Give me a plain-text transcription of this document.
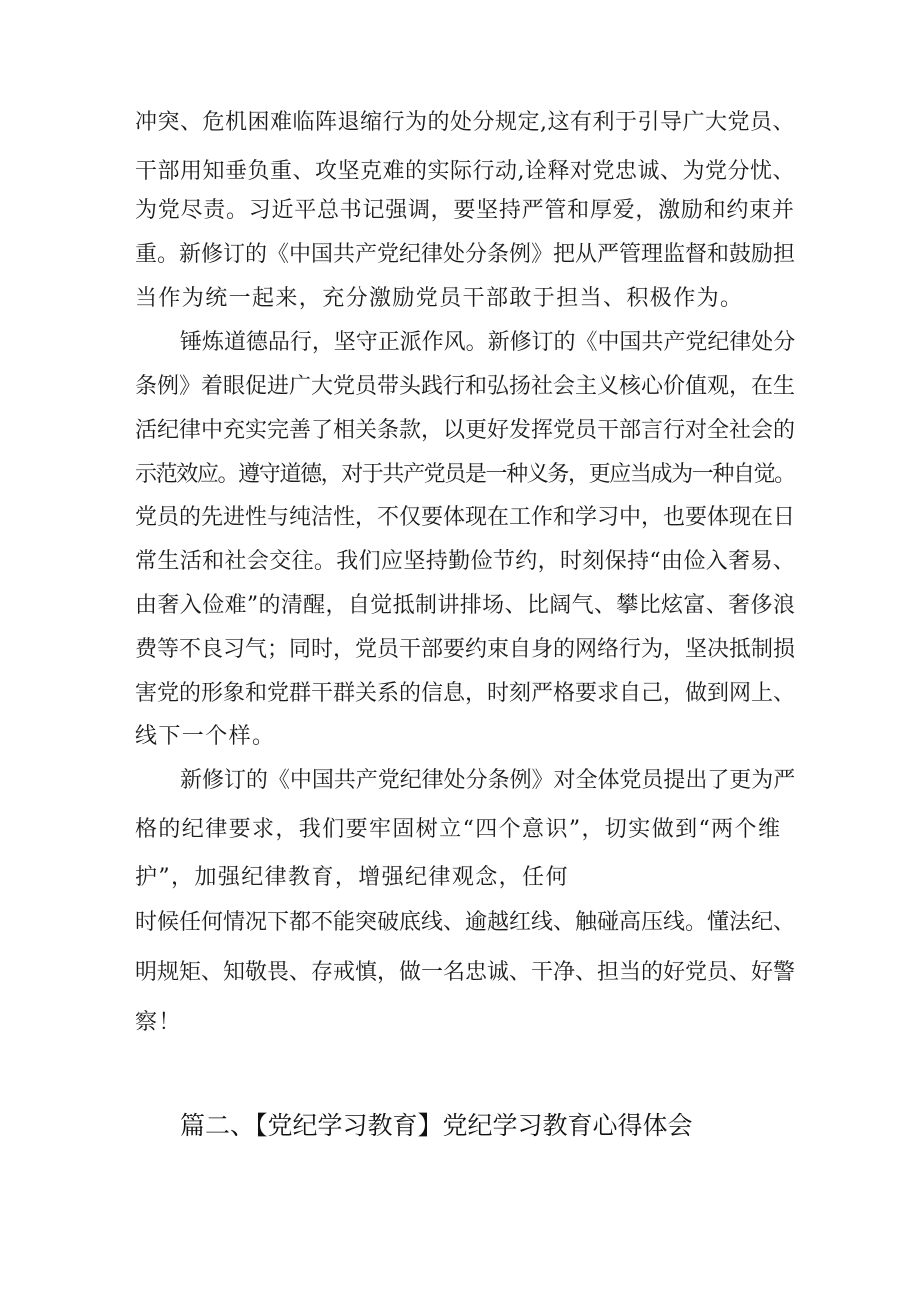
冲突、危机困难临阵退缩行为的处分规定,这有利于引导广大党员、
干部用知垂负重、攻坚克难的实际行动,诠释对党忠诚、为党分忧、
为党尽责。习近平总书记强调，要坚持严管和厚爱，激励和约束并
重。新修订的《中国共产党纪律处分条例》把从严管理监督和鼓励担
当作为统一起来，充分激励党员干部敢于担当、积极作为。
锤炼道德品行，坚守正派作风。新修订的《中国共产党纪律处分
条例》着眼促进广大党员带头践行和弘扬社会主义核心价值观，在生
活纪律中充实完善了相关条款，以更好发挥党员干部言行对全社会的
示范效应。遵守道德，对于共产党员是一种义务，更应当成为一种自觉。
党员的先进性与纯洁性，不仅要体现在工作和学习中，也要体现在日
常生活和社会交往。我们应坚持勤俭节约，时刻保持“由俭入奢易、
由奢入俭难”的清醒，自觉抵制讲排场、比阔气、攀比炫富、奢侈浪
费等不良习气；同时，党员干部要约束自身的网络行为，坚决抵制损
害党的形象和党群干群关系的信息，时刻严格要求自己，做到网上、
线下一个样。
新修订的《中国共产党纪律处分条例》对全体党员提出了更为严
格的纪律要求，我们要牢固树立“四个意识”，切实做到“两个维
护”，加强纪律教育，增强纪律观念，任何
时候任何情况下都不能突破底线、逾越红线、触碰高压线。懂法纪、
明规矩、知敬畏、存戒慎，做一名忠诚、干净、担当的好党员、好警
察！
篇二、【党纪学习教育】党纪学习教育心得体会
